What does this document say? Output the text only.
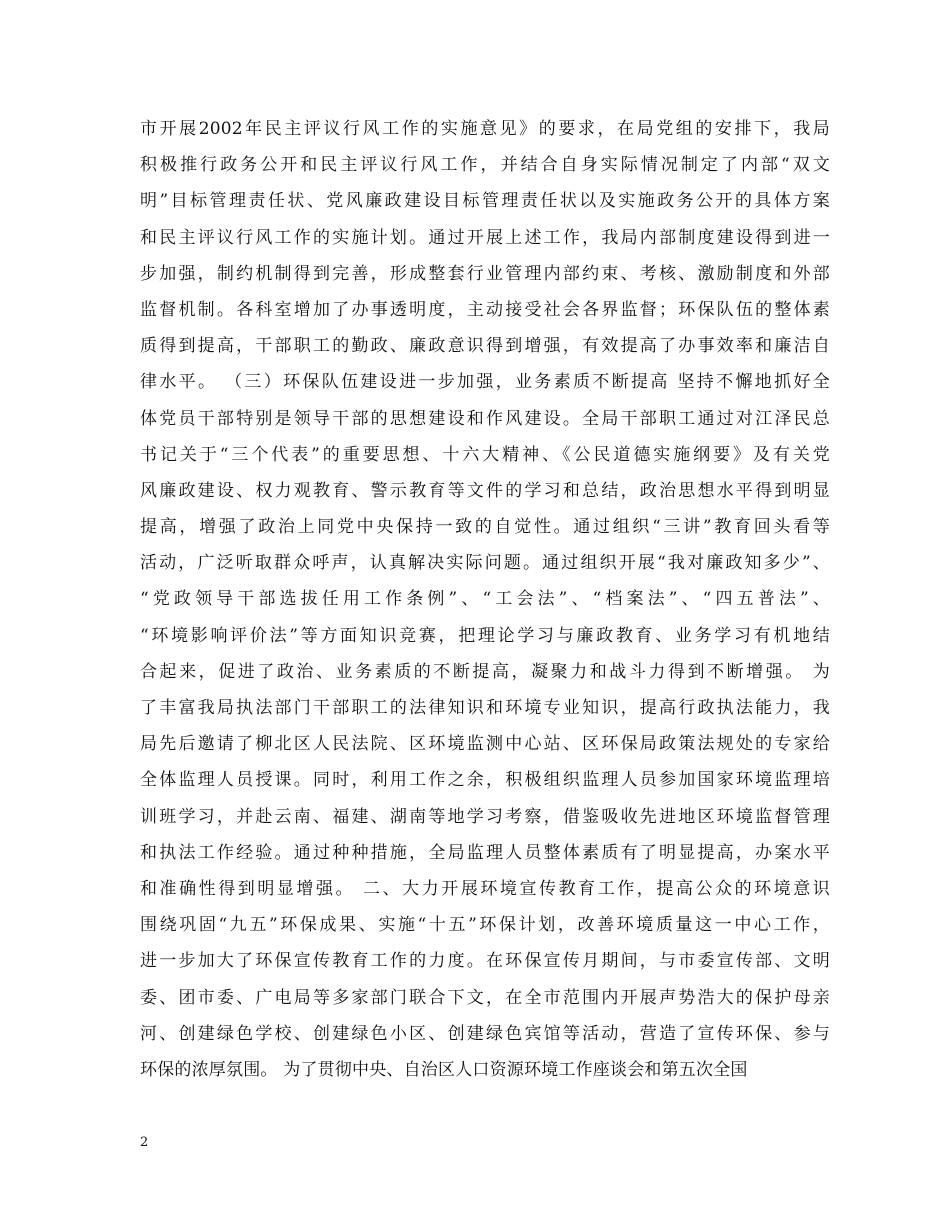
市开展2002年民主评议行风工作的实施意见》的要求，在局党组的安排下，我局
积极推行政务公开和民主评议行风工作，并结合自身实际情况制定了内部“双文
明”目标管理责任状、党风廉政建设目标管理责任状以及实施政务公开的具体方案
和民主评议行风工作的实施计划。通过开展上述工作，我局内部制度建设得到进一
步加强，制约机制得到完善，形成整套行业管理内部约束、考核、激励制度和外部
监督机制。各科室增加了办事透明度，主动接受社会各界监督；环保队伍的整体素
质得到提高，干部职工的勤政、廉政意识得到增强，有效提高了办事效率和廉洁自
律水平。 （三）环保队伍建设进一步加强，业务素质不断提高 坚持不懈地抓好全
体党员干部特别是领导干部的思想建设和作风建设。全局干部职工通过对江泽民总
书记关于“三个代表”的重要思想、十六大精神、《公民道德实施纲要》及有关党
风廉政建设、权力观教育、警示教育等文件的学习和总结，政治思想水平得到明显
提高，增强了政治上同党中央保持一致的自觉性。通过组织“三讲”教育回头看等
活动，广泛听取群众呼声，认真解决实际问题。通过组织开展“我对廉政知多少”、
“党政领导干部选拔任用工作条例”、“工会法”、“档案法”、“四五普法”、
“环境影响评价法”等方面知识竞赛，把理论学习与廉政教育、业务学习有机地结
合起来，促进了政治、业务素质的不断提高，凝聚力和战斗力得到不断增强。 为
了丰富我局执法部门干部职工的法律知识和环境专业知识，提高行政执法能力，我
局先后邀请了柳北区人民法院、区环境监测中心站、区环保局政策法规处的专家给
全体监理人员授课。同时，利用工作之余，积极组织监理人员参加国家环境监理培
训班学习，并赴云南、福建、湖南等地学习考察，借鉴吸收先进地区环境监督管理
和执法工作经验。通过种种措施，全局监理人员整体素质有了明显提高，办案水平
和准确性得到明显增强。 二、大力开展环境宣传教育工作，提高公众的环境意识
围绕巩固“九五”环保成果、实施“十五”环保计划，改善环境质量这一中心工作，
进一步加大了环保宣传教育工作的力度。在环保宣传月期间，与市委宣传部、文明
委、团市委、广电局等多家部门联合下文，在全市范围内开展声势浩大的保护母亲
河、创建绿色学校、创建绿色小区、创建绿色宾馆等活动，营造了宣传环保、参与
环保的浓厚氛围。 为了贯彻中央、自治区人口资源环境工作座谈会和第五次全国
2
